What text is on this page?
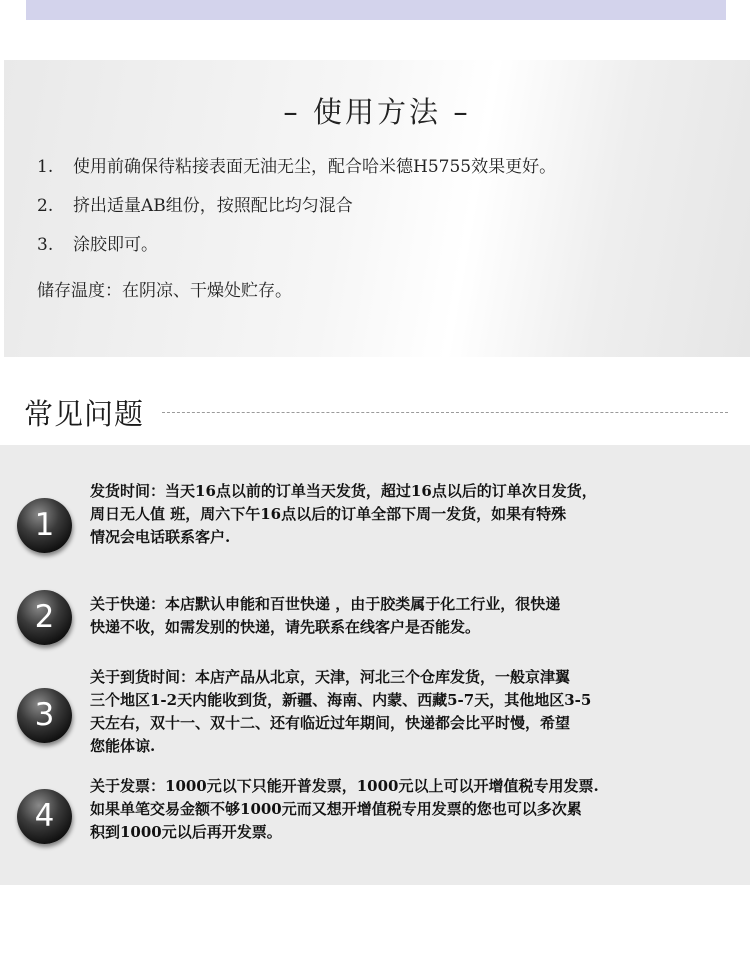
– 使用方法 –
1. 使用前确保待粘接表面无油无尘，配合哈米德H5755效果更好。
2. 挤出适量AB组份，按照配比均匀混合
3. 涂胶即可。
储存温度：在阴凉、干燥处贮存。
常见问题
1
发货时间：当天16点以前的订单当天发货，超过16点以后的订单次日发货，
周日无人值 班，周六下午16点以后的订单全部下周一发货，如果有特殊
情况会电话联系客户.
2	关于快递：本店默认申能和百世快递 ，由于胶类属于化工行业，很快递
快递不收，如需发别的快递，请先联系在线客户是否能发。
3
关于到货时间：本店产品从北京，天津，河北三个仓库发货，一般京津翼
三个地区1-2天内能收到货，新疆、海南、内蒙、西藏5-7天，其他地区3-5
天左右，双十一、双十二、还有临近过年期间，快递都会比平时慢，希望
您能体谅.
4
关于发票：1000元以下只能开普发票，1000元以上可以开增值税专用发票.
如果单笔交易金额不够1000元而又想开增值税专用发票的您也可以多次累
积到1000元以后再开发票。
